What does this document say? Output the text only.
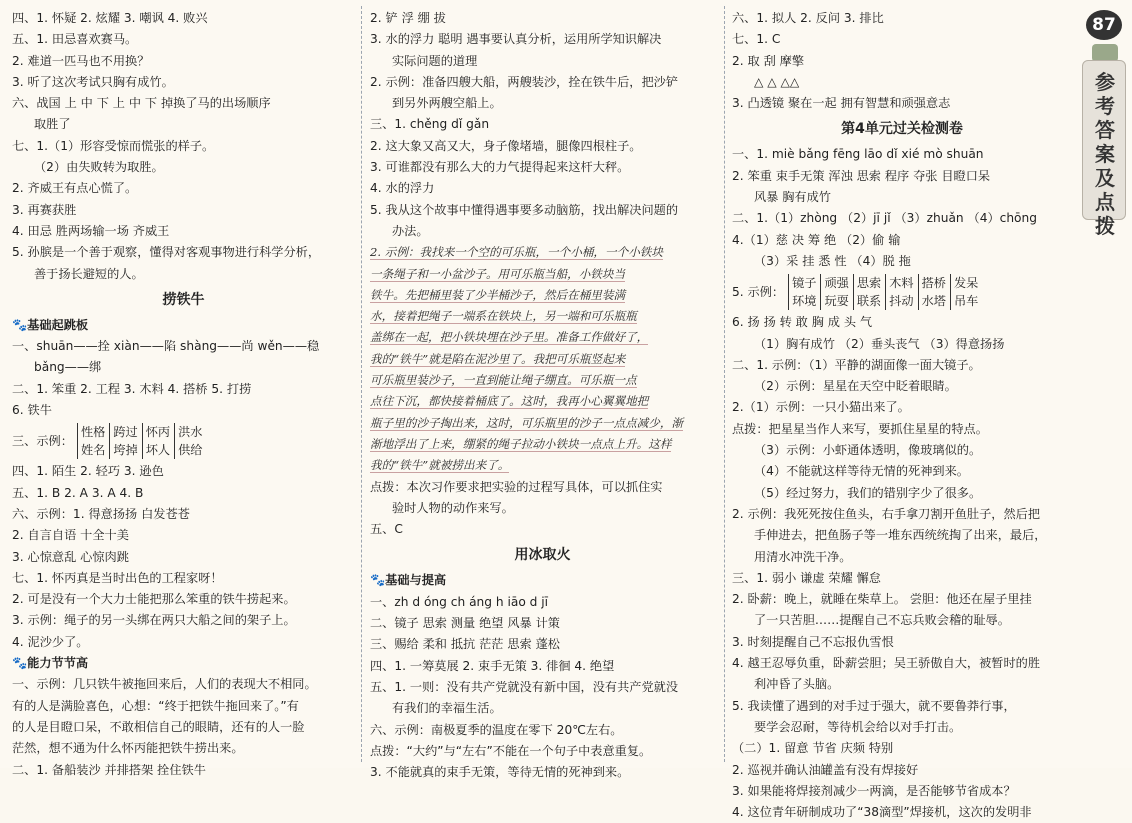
四、1. 怀疑 2. 炫耀 3. 嘲讽 4. 败兴
五、1. 田忌喜欢赛马。
2. 难道一匹马也不用换？
3. 听了这次考试只胸有成竹。
六、战国 上 中 下 上 中 下 掉换了马的出场顺序
取胜了
七、1.（1）形容受惊而慌张的样子。
（2）由失败转为取胜。
2. 齐威王有点心慌了。
3. 再赛获胜
4. 田忌 胜两场输一场 齐威王
5. 孙膑是一个善于观察，懂得对客观事物进行科学分析，
善于扬长避短的人。
捞铁牛
🐾基础起跳板
一、shuān——拴 xiàn——陷 shàng——尚 wěn——稳
bǎng——绑
二、1. 笨重 2. 工程 3. 木料 4. 搭桥 5. 打捞
6. 铁牛
三、示例：
性格
姓名
跨过
垮掉
怀丙
坏人
洪水
供给
四、1. 陌生 2. 轻巧 3. 逊色
五、1. B 2. A 3. A 4. B
六、示例：1. 得意扬扬 白发苍苍
2. 自言自语 十全十美
3. 心惊意乱 心惊肉跳
七、1. 怀丙真是当时出色的工程家呀！
2. 可是没有一个大力士能把那么笨重的铁牛捞起来。
3. 示例：绳子的另一头绑在两只大船之间的架子上。
4. 泥沙少了。
🐾能力节节高
一、示例：几只铁牛被拖回来后，人们的表现大不相同。
有的人是满脸喜色，心想：“终于把铁牛拖回来了。”有
的人是目瞪口呆，不敢相信自己的眼睛，还有的人一脸
茫然，想不通为什么怀丙能把铁牛捞出来。
二、1. 备船装沙 并排搭架 拴住铁牛
2. 铲 浮 绷 拔
3. 水的浮力 聪明 遇事要认真分析，运用所学知识解决
实际问题的道理
2. 示例：准备四艘大船，两艘装沙，拴在铁牛后，把沙铲
到另外两艘空船上。
三、1. chěng dǐ gǎn
2. 这大象又高又大，身子像堵墙，腿像四根柱子。
3. 可谁都没有那么大的力气提得起来这杆大秤。
4. 水的浮力
5. 我从这个故事中懂得遇事要多动脑筋，找出解决问题的
办法。
2. 示例：我找来一个空的可乐瓶，一个小桶，一个小铁块
一条绳子和一小盆沙子。用可乐瓶当船，小铁块当
铁牛。先把桶里装了少半桶沙子，然后在桶里装满
水，接着把绳子一端系在铁块上，另一端和可乐瓶瓶
盖绑在一起，把小铁块埋在沙子里。准备工作做好了，
我的“铁牛”就是陷在泥沙里了。我把可乐瓶竖起来
可乐瓶里装沙子，一直到能让绳子绷直。可乐瓶一点
点往下沉，都快接着桶底了。这时，我再小心翼翼地把
瓶子里的沙子掏出来，这时，可乐瓶里的沙子一点点减少，渐
渐地浮出了上来，绷紧的绳子拉动小铁块一点点上升。这样
我的“铁牛”就被捞出来了。
点拨：本次习作要求把实验的过程写具体，可以抓住实
验时人物的动作来写。
五、C
用冰取火
🐾基础与提高
一、zh d óng ch áng h iāo d jī
二、镜子 思索 测量 绝望 风暴 计策
三、赐给 柔和 抵抗 茫茫 思索 蓬松
四、1. 一筹莫展 2. 束手无策 3. 徘徊 4. 绝望
五、1. 一则：没有共产党就没有新中国，没有共产党就没
有我们的幸福生活。
六、示例：南极夏季的温度在零下 20℃左右。
点拨：“大约”与“左右”不能在一个句子中表意重复。
3. 不能就真的束手无策，等待无情的死神到来。
六、1. 拟人 2. 反问 3. 排比
七、1. C
2. 取 刮 摩擎
△ △ △△
3. 凸透镜 聚在一起 拥有智慧和顽强意志
第4单元过关检测卷
一、1. miè bǎng fēng lāo dǐ xié mò shuān
2. 笨重 束手无策 浑浊 思索 程序 夺张 目瞪口呆
风暴 胸有成竹
二、1.（1）zhòng （2）jī jǐ （3）zhuǎn （4）chōng
4.（1）慈 决 筹 绝 （2）偷 输
（3）采 挂 悉 性 （4）脱 拖
5. 示例：
镜子
环境
顽强
玩耍
思索
联系
木料
抖动
搭桥
水塔
发呆
吊车
6. 扬 扬 转 敢 胸 成 头 气
（1）胸有成竹 （2）垂头丧气 （3）得意扬扬
二、1. 示例：（1）平静的湖面像一面大镜子。
（2）示例：星星在天空中眨着眼睛。
2.（1）示例：一只小猫出来了。
点拨：把星星当作人来写，要抓住星星的特点。
（3）示例：小虾通体透明，像玻璃似的。
（4）不能就这样等待无情的死神到来。
（5）经过努力，我们的错别字少了很多。
2. 示例：我死死按住鱼头，右手拿刀割开鱼肚子，然后把
手伸进去，把鱼肠子等一堆东西统统掏了出来，最后，
用清水冲洗干净。
三、1. 弱小 谦虚 荣耀 懈怠
2. 卧薪：晚上，就睡在柴草上。 尝胆：他还在屋子里挂
了一只苦胆……提醒自己不忘兵败会稽的耻辱。
3. 时刻提醒自己不忘报仇雪恨
4. 越王忍辱负重，卧薪尝胆；吴王骄傲自大，被暂时的胜
利冲昏了头脑。
5. 我读懂了遇到的对手过于强大，就不要鲁莽行事，
要学会忍耐，等待机会给以对手打击。
（二）1. 留意 节省 庆频 特别
2. 巡视并确认油罐盖有没有焊接好
3. 如果能将焊接剂减少一两滴，是否能够节省成本？
4. 这位青年研制成功了“38滴型”焊接机，这次的发明非
87
参考答案及点拨
